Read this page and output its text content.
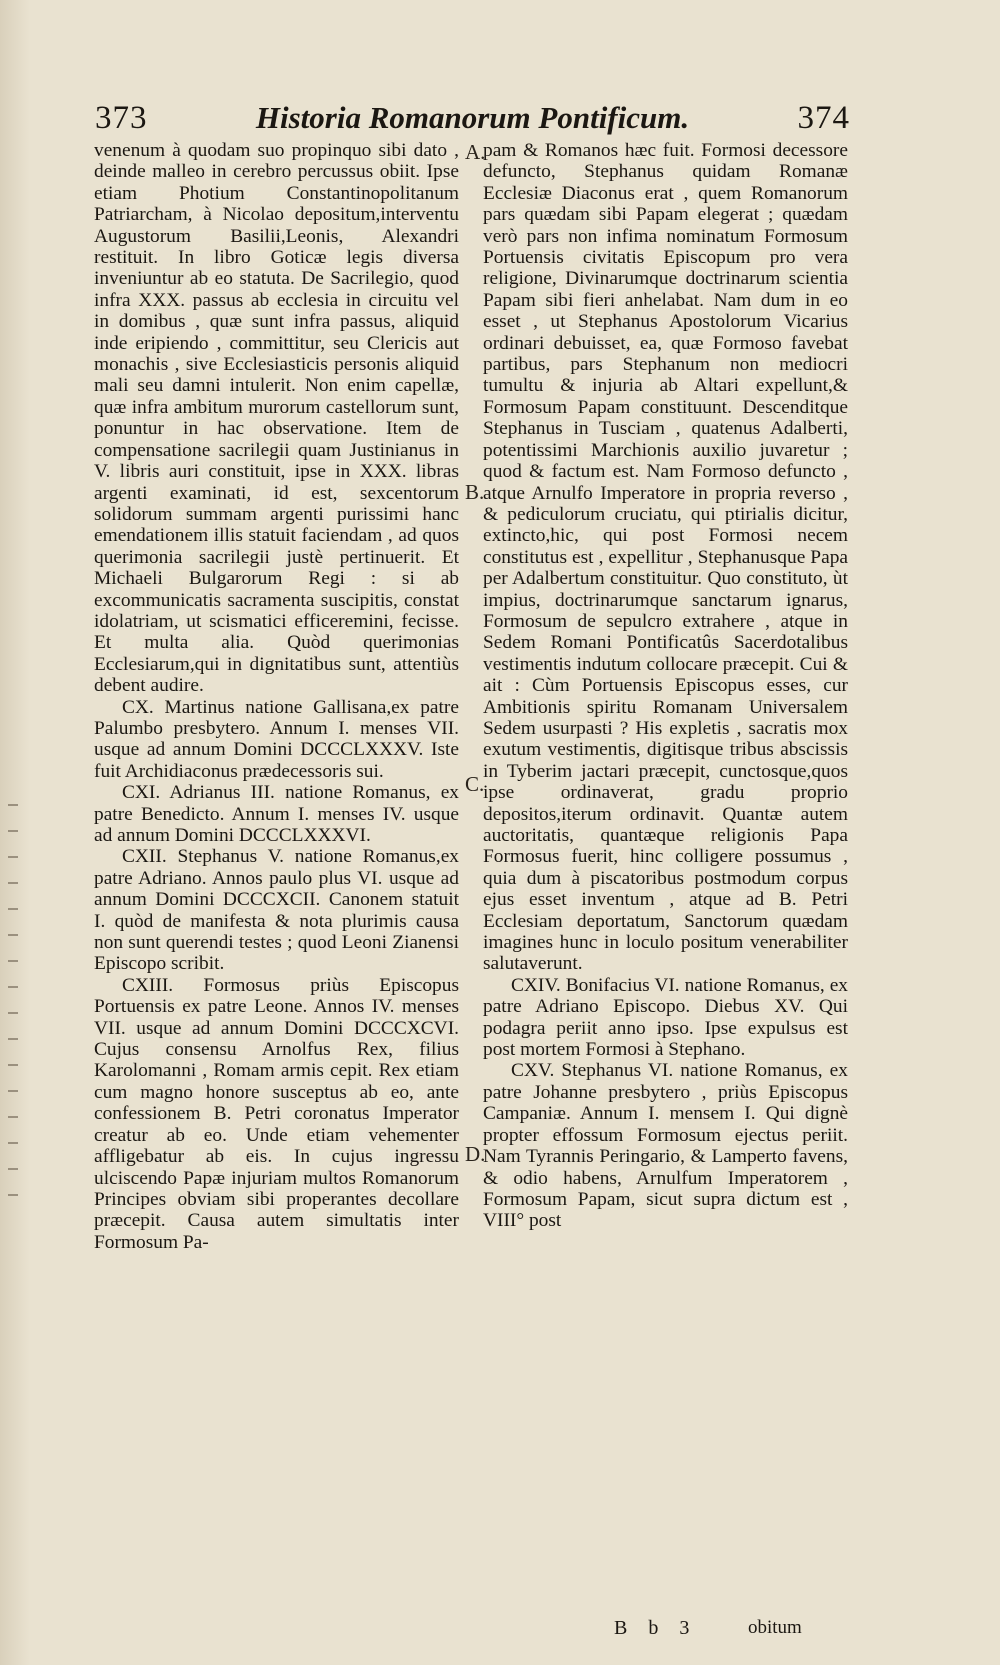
373	Historia Romanorum Pontificum.	374

venenum à quodam suo propinquo sibi dato , deinde malleo in cerebro percussus obiit. Ipse etiam Photium Constantinopolitanum Patriarcham, à Nicolao depositum,interventu Augustorum Basilii,Leonis, Alexandri restituit. In libro Goticæ legis diversa inveniuntur ab eo statuta. De Sacrilegio, quod infra XXX. passus ab ecclesia in circuitu vel in domibus , quæ sunt infra passus, aliquid inde eripiendo , committitur, seu Clericis aut monachis , sive Ecclesiasticis personis aliquid mali seu damni intulerit. Non enim capellæ, quæ infra ambitum murorum castellorum sunt, ponuntur in hac observatione. Item de compensatione sacrilegii quam Justinianus in V. libris auri constituit, ipse in XXX. libras argenti examinati, id est, sexcentorum solidorum summam argenti purissimi hanc emendationem illis statuit faciendam , ad quos querimonia sacrilegii justè pertinuerit. Et Michaeli Bulgarorum Regi : si ab excommunicatis sacramenta suscipitis, constat idolatriam, ut scismatici efficeremini, fecisse. Et multa alia. Quòd querimonias Ecclesiarum,qui in dignitatibus sunt, attentiùs debent audire.

CX. Martinus natione Gallisana,ex patre Palumbo presbytero. Annum I. menses VII. usque ad annum Domini DCCCLXXXV. Iste fuit Archidiaconus prædecessoris sui.

CXI. Adrianus III. natione Romanus, ex patre Benedicto. Annum I. menses IV. usque ad annum Domini DCCCLXXXVI.

CXII. Stephanus V. natione Romanus,ex patre Adriano. Annos paulo plus VI. usque ad annum Domini DCCCXCII. Canonem statuit I. quòd de manifesta & nota plurimis causa non sunt querendi testes ; quod Leoni Zianensi Episcopo scribit.

CXIII. Formosus priùs Episcopus Portuensis ex patre Leone. Annos IV. menses VII. usque ad annum Domini DCCCXCVI. Cujus consensu Arnolfus Rex, filius Karolomanni , Romam armis cepit. Rex etiam cum magno honore susceptus ab eo, ante confessionem B. Petri coronatus Imperator creatur ab eo. Unde etiam vehementer affligebatur ab eis. In cujus ingressu ulciscendo Papæ injuriam multos Romanorum Principes obviam sibi properantes decollare præcepit. Causa autem simultatis inter Formosum Pa-

pam & Romanos hæc fuit. Formosi decessore defuncto, Stephanus quidam Romanæ Ecclesiæ Diaconus erat , quem Romanorum pars quædam sibi Papam elegerat ; quædam verò pars non infima nominatum Formosum Portuensis civitatis Episcopum pro vera religione, Divinarumque doctrinarum scientia Papam sibi fieri anhelabat. Nam dum in eo esset , ut Stephanus Apostolorum Vicarius ordinari debuisset, ea, quæ Formoso favebat partibus, pars Stephanum non mediocri tumultu & injuria ab Altari expellunt,& Formosum Papam constituunt. Descenditque Stephanus in Tusciam , quatenus Adalberti, potentissimi Marchionis auxilio juvaretur ; quod & factum est. Nam Formoso defuncto , atque Arnulfo Imperatore in propria reverso , & pediculorum cruciatu, qui ptirialis dicitur, extincto,hic, qui post Formosi necem constitutus est , expellitur , Stephanusque Papa per Adalbertum constituitur. Quo constituto, ùt impius, doctrinarumque sanctarum ignarus, Formosum de sepulcro extrahere , atque in Sedem Romani Pontificatûs Sacerdotalibus vestimentis indutum collocare præcepit. Cui & ait : Cùm Portuensis Episcopus esses, cur Ambitionis spiritu Romanam Universalem Sedem usurpasti ? His expletis , sacratis mox exutum vestimentis, digitisque tribus abscissis in Tyberim jactari præcepit, cunctosque,quos ipse ordinaverat, gradu proprio depositos,iterum ordinavit. Quantæ autem auctoritatis, quantæque religionis Papa Formosus fuerit, hinc colligere possumus , quia dum à piscatoribus postmodum corpus ejus esset inventum , atque ad B. Petri Ecclesiam deportatum, Sanctorum quædam imagines hunc in loculo positum venerabiliter salutaverunt.

CXIV. Bonifacius VI. natione Romanus, ex patre Adriano Episcopo. Diebus XV. Qui podagra periit anno ipso. Ipse expulsus est post mortem Formosi à Stephano.

CXV. Stephanus VI. natione Romanus, ex patre Johanne presbytero , priùs Episcopus Campaniæ. Annum I. mensem I. Qui dignè propter effossum Formosum ejectus periit. Nam Tyrannis Peringario, & Lamperto favens, & odio habens, Arnulfum Imperatorem , Formosum Papam, sicut supra dictum est , VIII° post

A.
B.
C.
D.
B b 3	obitum
